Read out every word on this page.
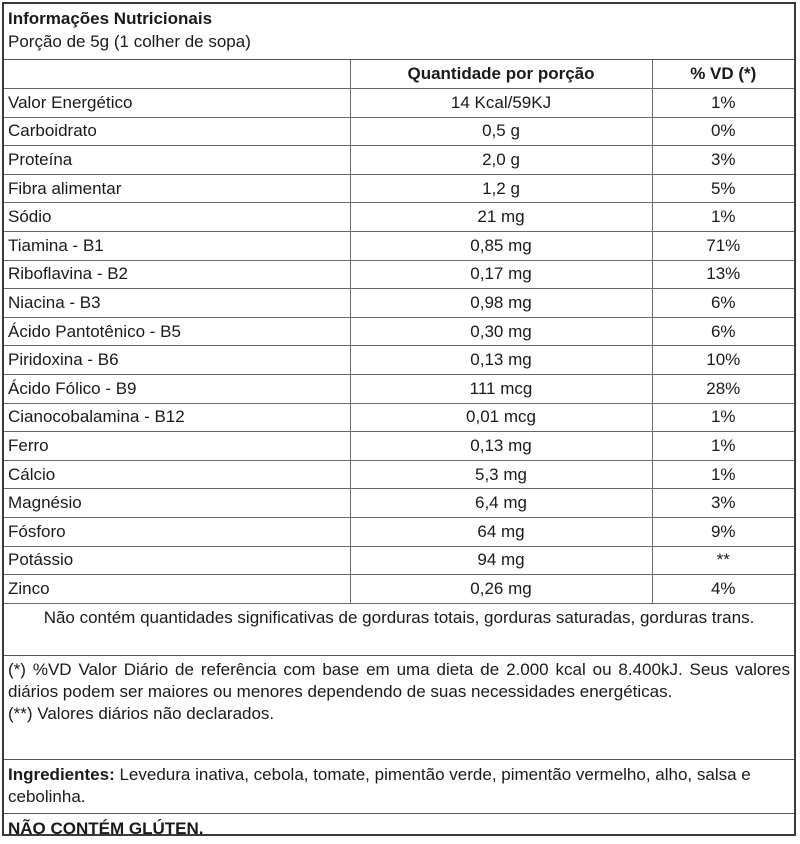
Informações Nutricionais
Porção de 5g (1 colher de sopa)
	Quantidade por porção	% VD (*)
Valor Energético	14 Kcal/59KJ	1%
Carboidrato	0,5 g	0%
Proteína	2,0 g	3%
Fibra alimentar	1,2 g	5%
Sódio	21 mg	1%
Tiamina - B1	0,85 mg	71%
Riboflavina - B2	0,17 mg	13%
Niacina - B3	0,98 mg	6%
Ácido Pantotênico - B5	0,30 mg	6%
Piridoxina - B6	0,13 mg	10%
Ácido Fólico - B9	111 mcg	28%
Cianocobalamina - B12	0,01 mcg	1%
Ferro	0,13 mg	1%
Cálcio	5,3 mg	1%
Magnésio	6,4 mg	3%
Fósforo	64 mg	9%
Potássio	94 mg	**
Zinco	0,26 mg	4%
Não contém quantidades significativas de gorduras totais, gorduras saturadas, gorduras trans.

(*) %VD Valor Diário de referência com base em uma dieta de 2.000 kcal ou 8.400kJ. Seus valores diários podem ser maiores ou menores dependendo de suas necessidades energéticas.

(**) Valores diários não declarados.

Ingredientes: Levedura inativa, cebola, tomate, pimentão verde, pimentão vermelho, alho, salsa e cebolinha.
NÃO CONTÉM GLÚTEN.
